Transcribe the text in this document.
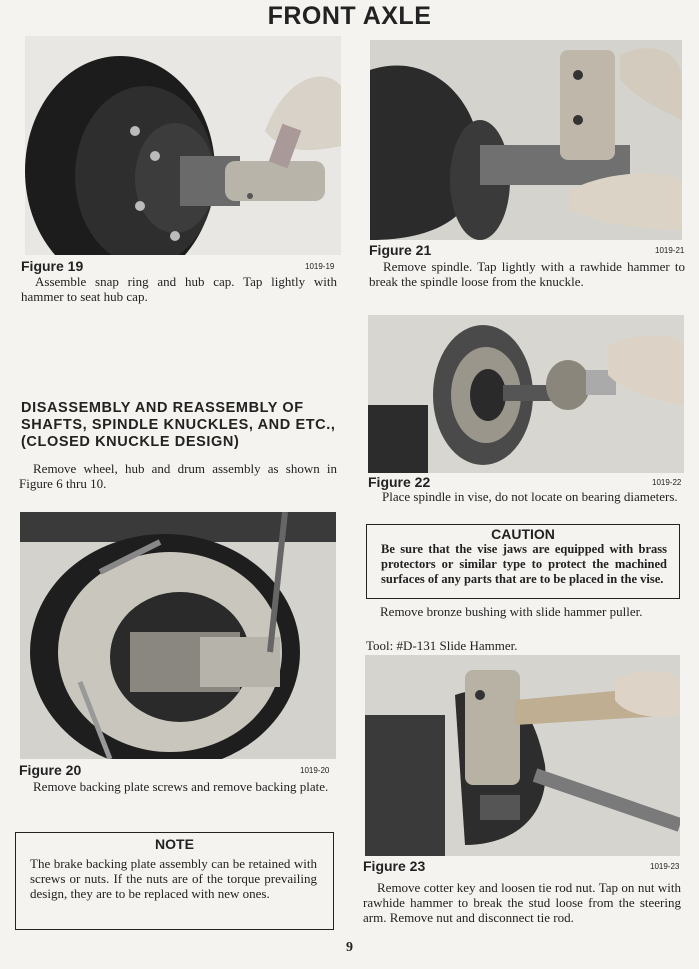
FRONT AXLE
Figure 19	1019-19
Assemble snap ring and hub cap. Tap lightly with hammer to seat hub cap.
DISASSEMBLY AND REASSEMBLY OF SHAFTS, SPINDLE KNUCKLES, AND ETC., (CLOSED KNUCKLE DESIGN)
Remove wheel, hub and drum assembly as shown in Figure 6 thru 10.
Figure 20	1019-20
Remove backing plate screws and remove backing plate.
NOTE
The brake backing plate assembly can be retained with screws or nuts. If the nuts are of the torque prevailing design, they are to be replaced with new ones.
Figure 21	1019-21
Remove spindle. Tap lightly with a rawhide hammer to break the spindle loose from the knuckle.
Figure 22	1019-22
Place spindle in vise, do not locate on bearing diameters.
CAUTION
Be sure that the vise jaws are equipped with brass protectors or similar type to protect the machined surfaces of any parts that are to be placed in the vise.
Remove bronze bushing with slide hammer puller.
Tool: #D-131 Slide Hammer.
Figure 23	1019-23
Remove cotter key and loosen tie rod nut. Tap on nut with rawhide hammer to break the stud loose from the steering arm. Remove nut and disconnect tie rod.
9
